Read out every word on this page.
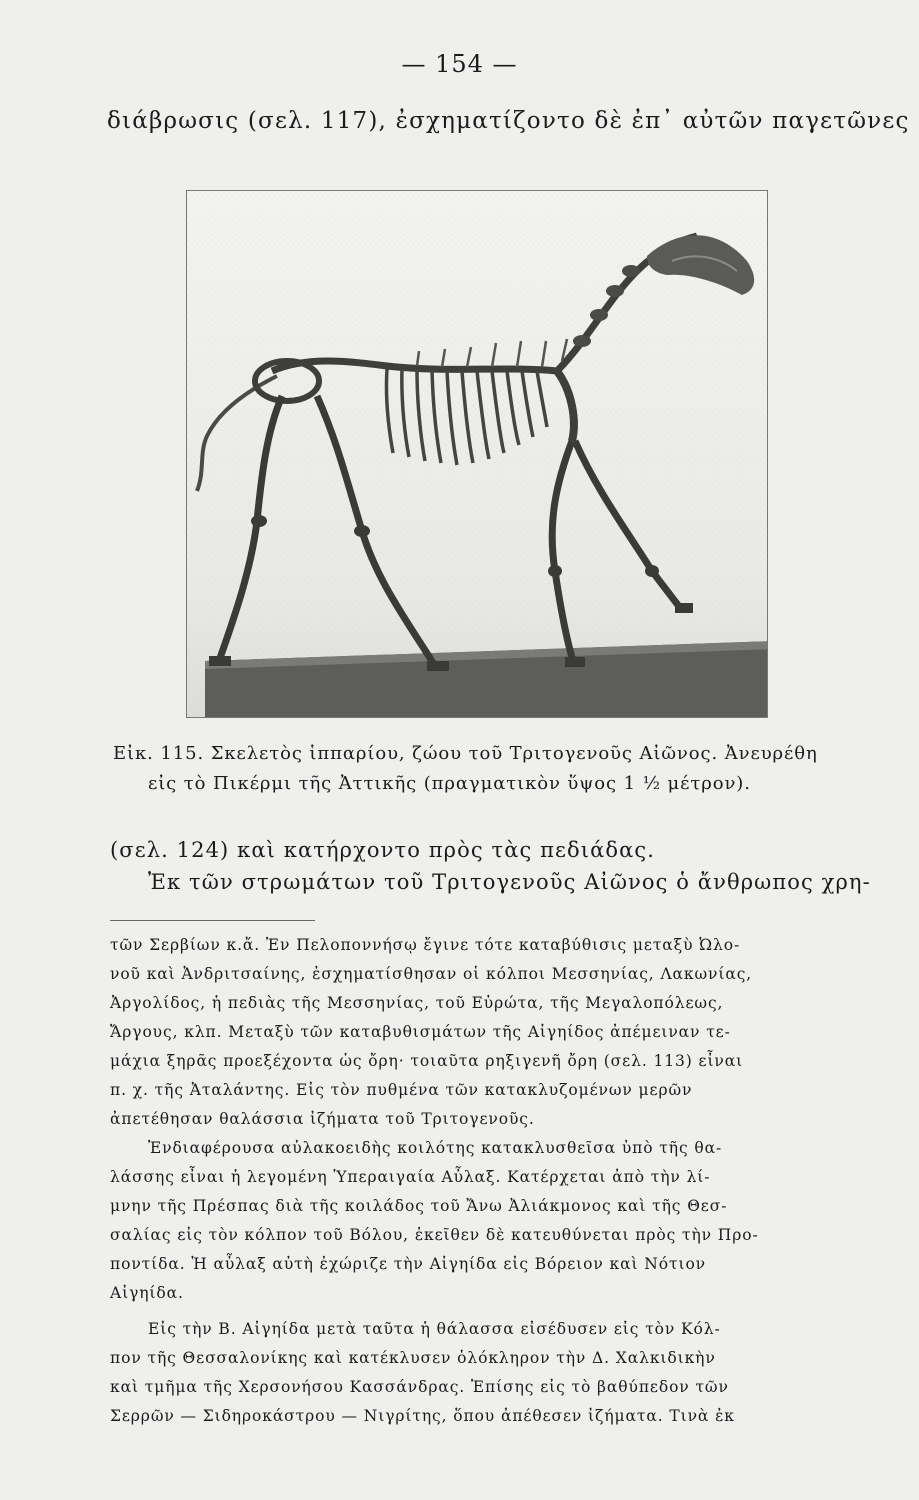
— 154 —
διάβρωσις (σελ. 117), ἐσχηματίζοντο δὲ ἐπ᾽ αὐτῶν παγετῶνες
Εἰκ. 115. Σκελετὸς ἱππαρίου, ζώου τοῦ Τριτογενοῦς Αἰῶνος. Ἀνευρέθη
εἰς τὸ Πικέρμι τῆς Ἀττικῆς (πραγματικὸν ὕψος 1 ½ μέτρον).
(σελ. 124) καὶ κατήρχοντο πρὸς τὰς πεδιάδας.
Ἐκ τῶν στρωμάτων τοῦ Τριτογενοῦς Αἰῶνος ὁ ἄνθρωπος χρη-
τῶν Σερβίων κ.ἄ. Ἐν Πελοποννήσῳ ἔγινε τότε καταβύθισις μεταξὺ Ὠλο-
νοῦ καὶ Ἀνδριτσαίνης, ἐσχηματίσθησαν οἱ κόλποι Μεσσηνίας, Λακωνίας,
Ἀργολίδος, ἡ πεδιὰς τῆς Μεσσηνίας, τοῦ Εὐρώτα, τῆς Μεγαλοπόλεως,
Ἄργους, κλπ. Μεταξὺ τῶν καταβυθισμάτων τῆς Αἰγηίδος ἀπέμειναν τε-
μάχια ξηρᾶς προεξέχοντα ὡς ὄρη· τοιαῦτα ρηξιγενῆ ὄρη (σελ. 113) εἶναι
π. χ. τῆς Ἀταλάντης. Εἰς τὸν πυθμένα τῶν κατακλυζομένων μερῶν
ἀπετέθησαν θαλάσσια ἰζήματα τοῦ Τριτογενοῦς.
Ἐνδιαφέρουσα αὐλακοειδὴς κοιλότης κατακλυσθεῖσα ὑπὸ τῆς θα-
λάσσης εἶναι ἡ λεγομένη Ὑπεραιγαία Αὖλαξ. Κατέρχεται ἀπὸ τὴν λί-
μνην τῆς Πρέσπας διὰ τῆς κοιλάδος τοῦ Ἄνω Ἀλιάκμονος καὶ τῆς Θεσ-
σαλίας εἰς τὸν κόλπον τοῦ Βόλου, ἐκεῖθεν δὲ κατευθύνεται πρὸς τὴν Προ-
ποντίδα. Ἡ αὖλαξ αὐτὴ ἐχώριζε τὴν Αἰγηίδα εἰς Βόρειον καὶ Νότιον
Αἰγηίδα.
Εἰς τὴν Β. Αἰγηίδα μετὰ ταῦτα ἡ θάλασσα εἰσέδυσεν εἰς τὸν Κόλ-
πον τῆς Θεσσαλονίκης καὶ κατέκλυσεν ὁλόκληρον τὴν Δ. Χαλκιδικὴν
καὶ τμῆμα τῆς Χερσονήσου Κασσάνδρας. Ἐπίσης εἰς τὸ βαθύπεδον τῶν
Σερρῶν — Σιδηροκάστρου — Νιγρίτης, ὅπου ἀπέθεσεν ἰζήματα. Τινὰ ἐκ
